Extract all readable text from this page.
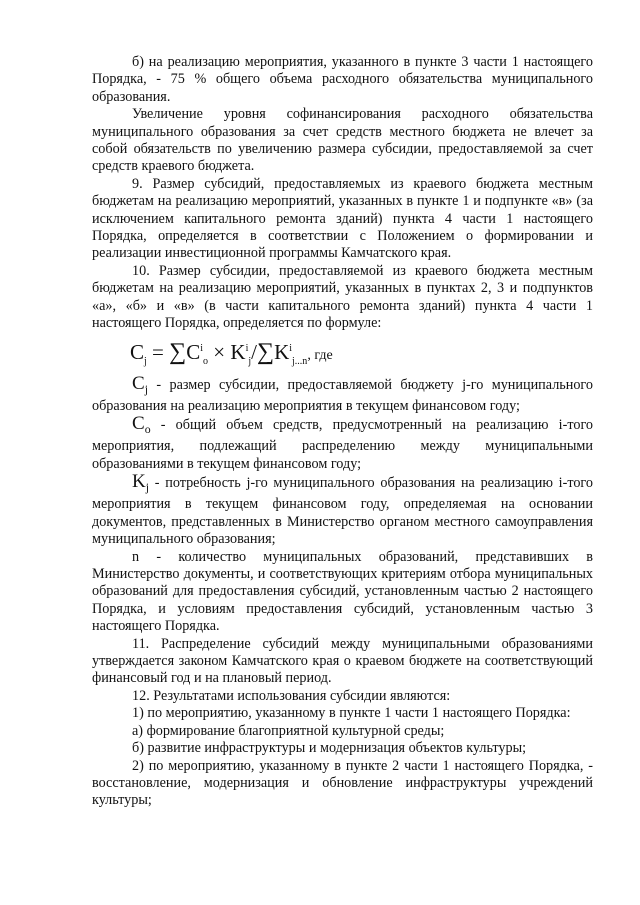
б) на реализацию мероприятия, указанного в пункте 3 части 1 настоящего Порядка, - 75 % общего объема расходного обязательства муниципального образования.

Увеличение уровня софинансирования расходного обязательства муниципального образования за счет средств местного бюджета не влечет за собой обязательств по увеличению размера субсидии, предоставляемой за счет средств краевого бюджета.

9. Размер субсидий, предоставляемых из краевого бюджета местным бюджетам на реализацию мероприятий, указанных в пункте 1 и подпункте «в» (за исключением капитального ремонта зданий) пункта 4 части 1 настоящего Порядка, определяется в соответствии с Положением о формировании и реализации инвестиционной программы Камчатского края.

10. Размер субсидии, предоставляемой из краевого бюджета местным бюджетам на реализацию мероприятий, указанных в пунктах 2, 3 и подпунктов «а», «б» и «в» (в части капитального ремонта зданий) пункта 4 части 1 настоящего Порядка, определяется по формуле:

$C_j = \sum C^i_o \times K^i_j/\sum K^i_{j...n}$, где

$C_j$ - размер субсидии, предоставляемой бюджету j-го муниципального образования на реализацию мероприятия в текущем финансовом году;

$C_o$ - общий объем средств, предусмотренный на реализацию i-того мероприятия, подлежащий распределению между муниципальными образованиями в текущем финансовом году;

$K_j$ - потребность j-го муниципального образования на реализацию i-того мероприятия в текущем финансовом году, определяемая на основании документов, представленных в Министерство органом местного самоуправления муниципального образования;

n - количество муниципальных образований, представивших в Министерство документы, и соответствующих критериям отбора муниципальных образований для предоставления субсидий, установленным частью 2 настоящего Порядка, и условиям предоставления субсидий, установленным частью 3 настоящего Порядка.

11. Распределение субсидий между муниципальными образованиями утверждается законом Камчатского края о краевом бюджете на соответствующий финансовый год и на плановый период.

12. Результатами использования субсидии являются:

1) по мероприятию, указанному в пункте 1 части 1 настоящего Порядка:

а) формирование благоприятной культурной среды;

б) развитие инфраструктуры и модернизация объектов культуры;

2) по мероприятию, указанному в пункте 2 части 1 настоящего Порядка, - восстановление, модернизация и обновление инфраструктуры учреждений культуры;
